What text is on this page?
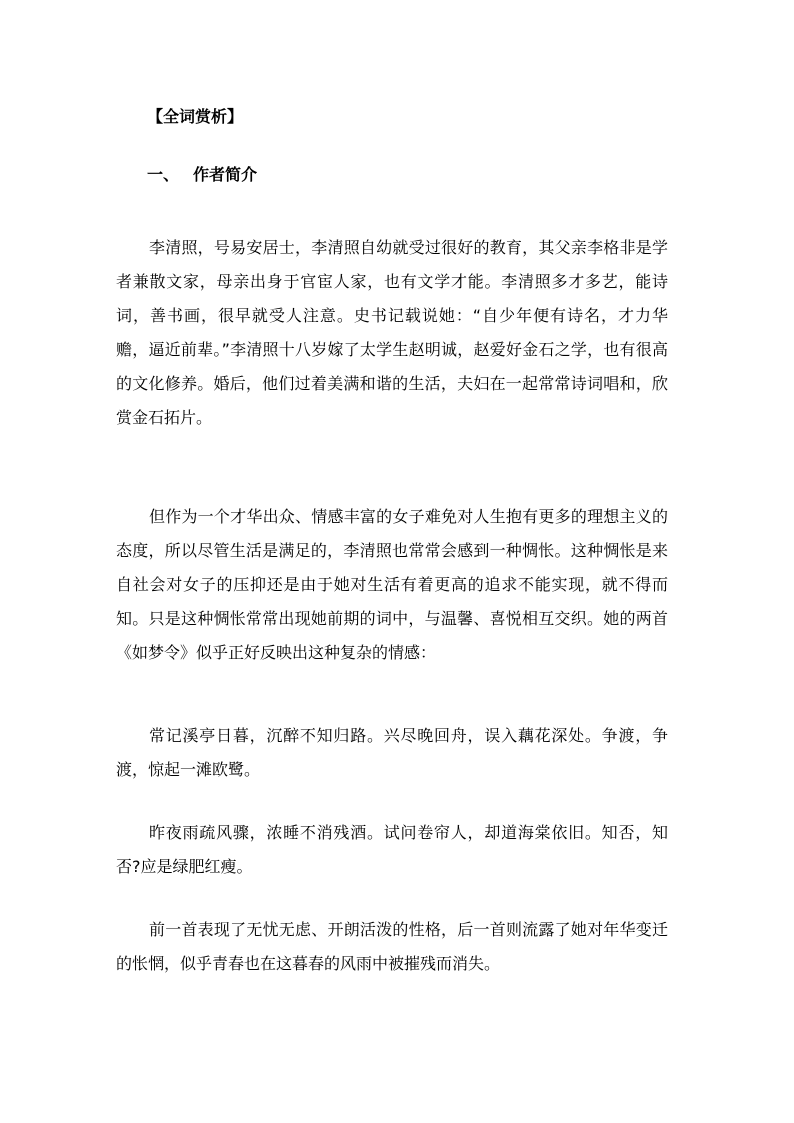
【全词赏析】
一、 作者简介

李清照，号易安居士，李清照自幼就受过很好的教育，其父亲李格非是学者兼散文家，母亲出身于官宦人家，也有文学才能。李清照多才多艺，能诗词，善书画，很早就受人注意。史书记载说她：“自少年便有诗名，才力华赡，逼近前辈。”李清照十八岁嫁了太学生赵明诚，赵爱好金石之学，也有很高的文化修养。婚后，他们过着美满和谐的生活，夫妇在一起常常诗词唱和，欣赏金石拓片。

但作为一个才华出众、情感丰富的女子难免对人生抱有更多的理想主义的态度，所以尽管生活是满足的，李清照也常常会感到一种惆怅。这种惆怅是来自社会对女子的压抑还是由于她对生活有着更高的追求不能实现，就不得而知。只是这种惆怅常常出现她前期的词中，与温馨、喜悦相互交织。她的两首《如梦令》似乎正好反映出这种复杂的情感：

常记溪亭日暮，沉醉不知归路。兴尽晚回舟，误入藕花深处。争渡，争渡，惊起一滩欧鹭。

昨夜雨疏风骤，浓睡不消残酒。试问卷帘人，却道海棠依旧。知否，知否?应是绿肥红瘦。

前一首表现了无忧无虑、开朗活泼的性格，后一首则流露了她对年华变迁的怅惘，似乎青春也在这暮春的风雨中被摧残而消失。
